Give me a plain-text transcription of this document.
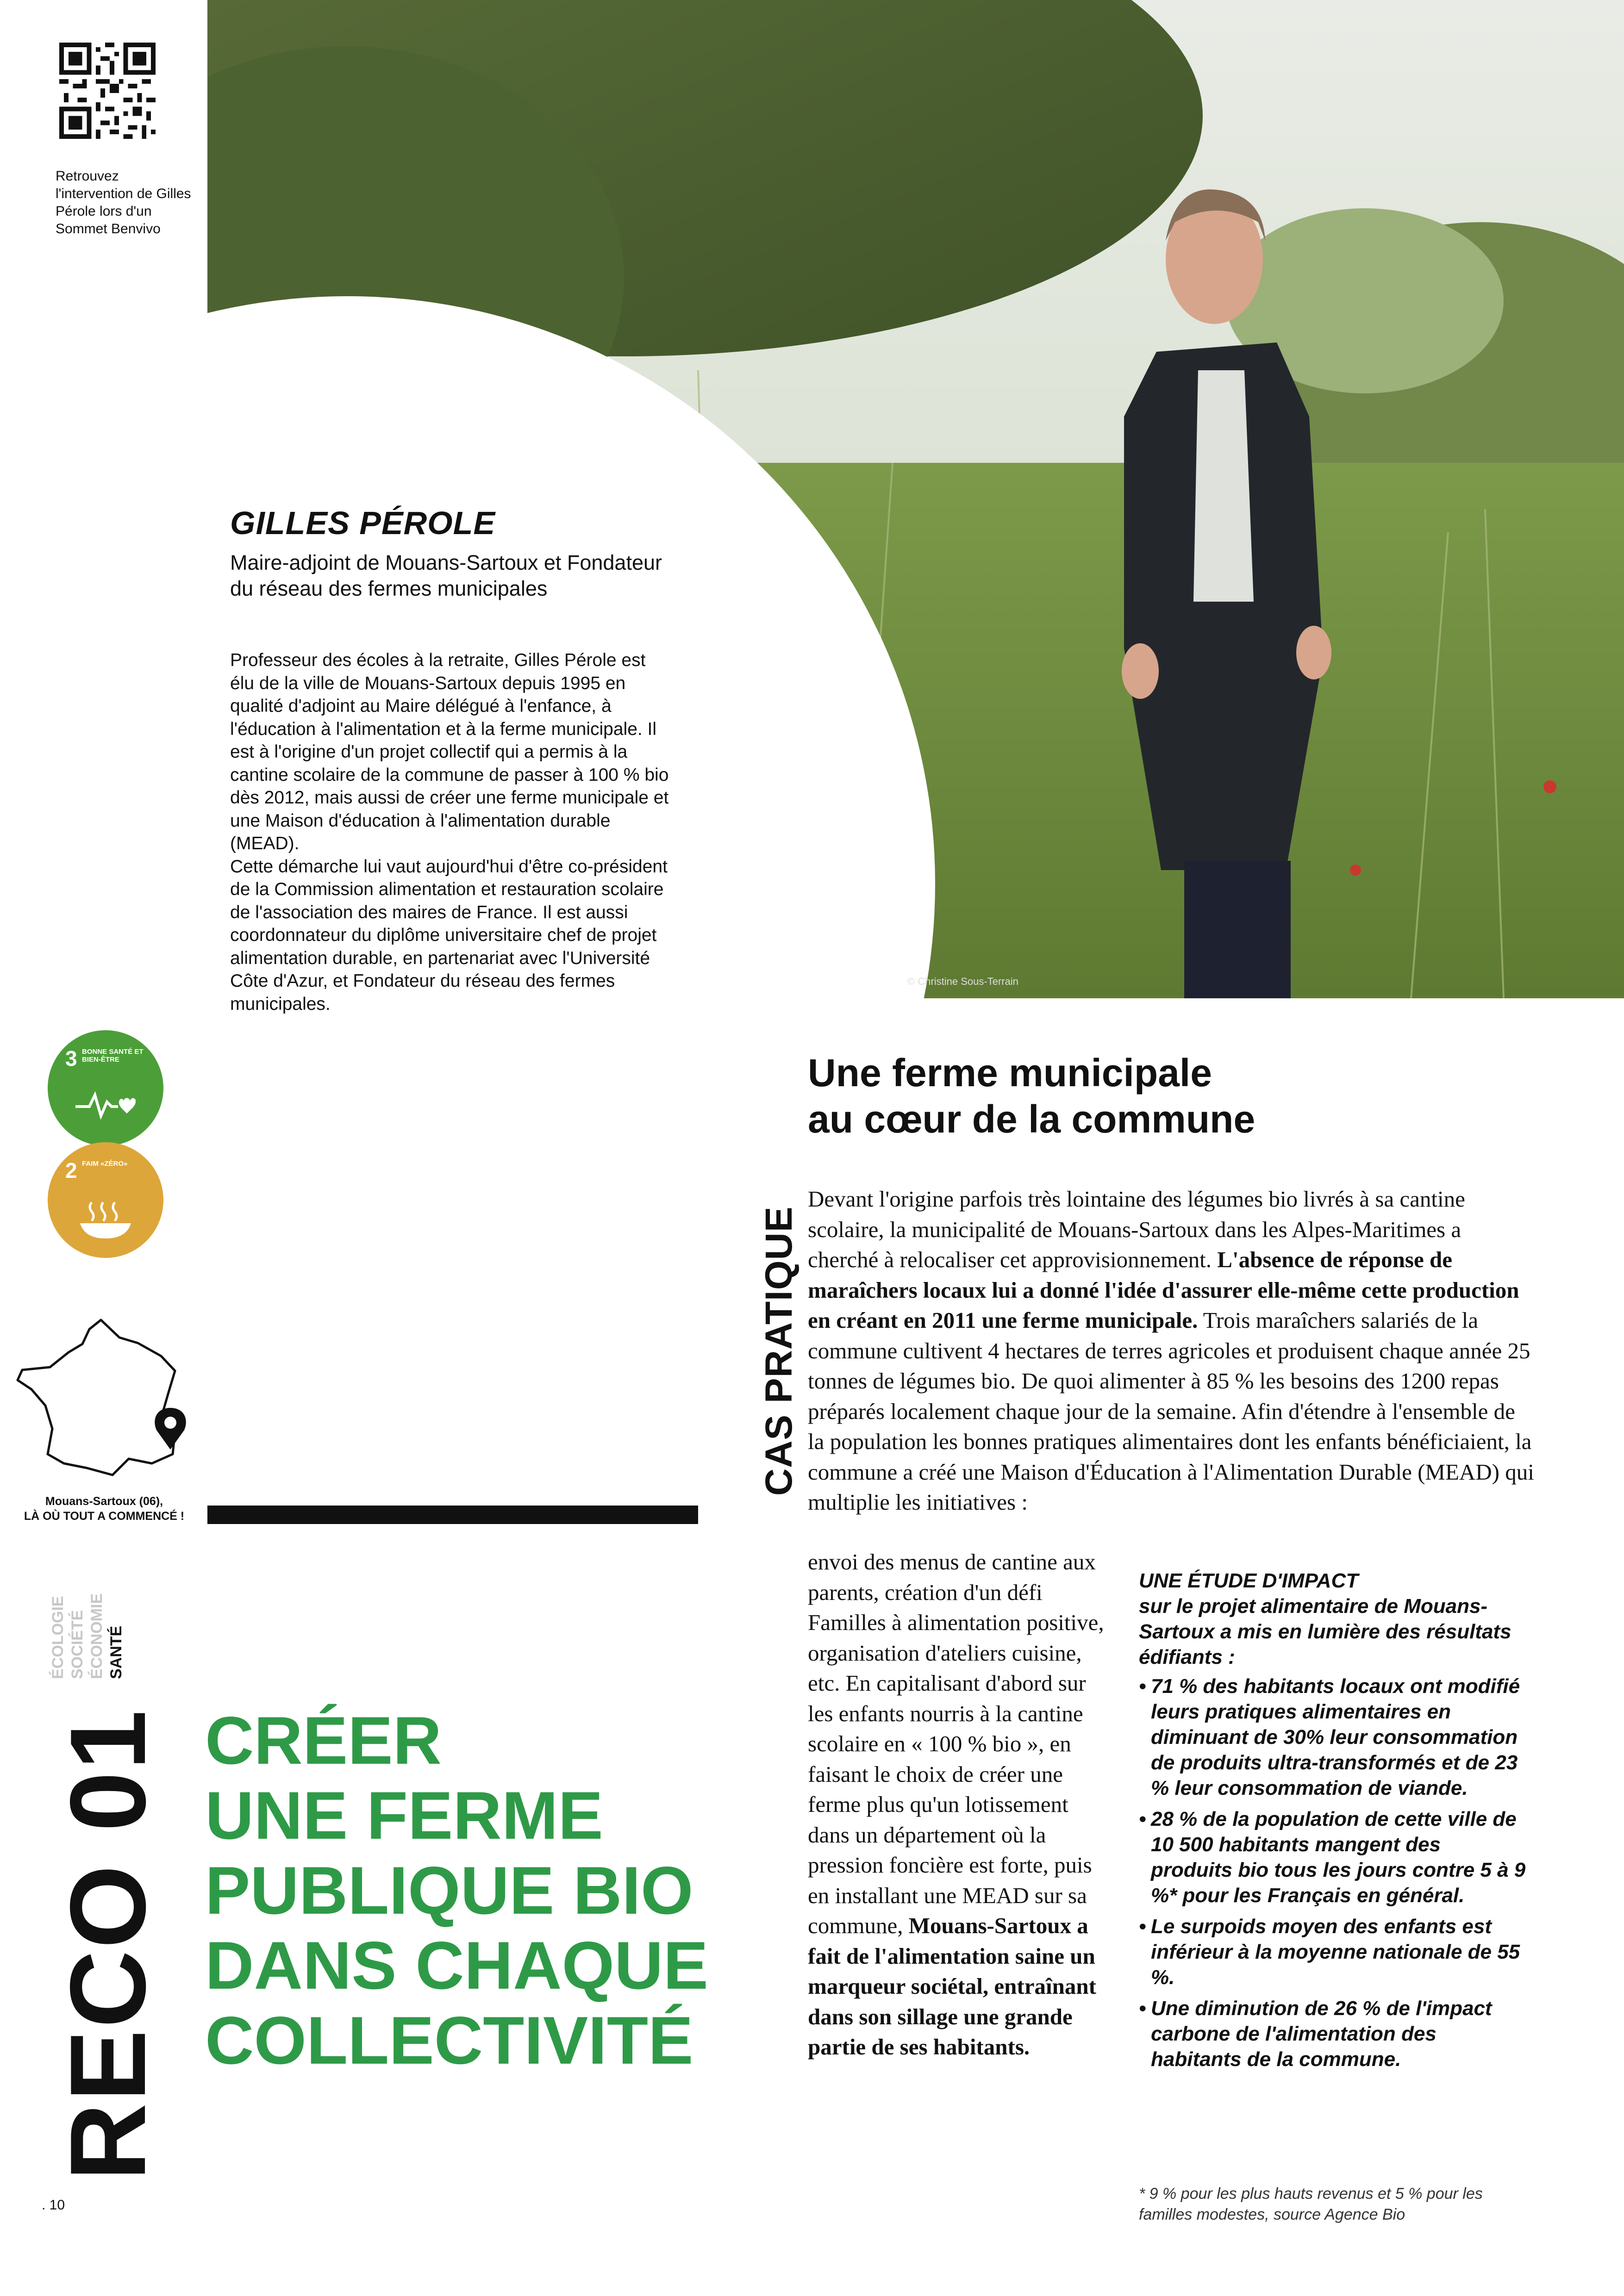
© Christine Sous-Terrain
Retrouvez l'intervention de Gilles Pérole lors d'un Sommet Benvivo
GILLES PÉROLE
Maire-adjoint de Mouans-Sartoux et Fondateur du réseau des fermes municipales

Professeur des écoles à la retraite, Gilles Pérole est élu de la ville de Mouans-Sartoux depuis 1995 en qualité d'adjoint au Maire délégué à l'enfance, à l'éducation à l'alimentation et à la ferme municipale. Il est à l'origine d'un projet collectif qui a permis à la cantine scolaire de la commune de passer à 100 % bio dès 2012, mais aussi de créer une ferme municipale et une Maison d'éducation à l'alimentation durable (MEAD).

Cette démarche lui vaut aujourd'hui d'être co-président de la Commission alimentation et restauration scolaire de l'association des maires de France. Il est aussi coordonnateur du diplôme universitaire chef de projet alimentation durable, en partenariat avec l'Université Côte d'Azur, et Fondateur du réseau des fermes municipales.

3 BONNE SANTÉ ET BIEN-ÊTRE
2 FAIM «ZÉRO»
Mouans-Sartoux (06),
LÀ OÙ TOUT A COMMENCÉ !
ÉCOLOGIE SOCIÉTÉ ÉCONOMIE SANTÉ
RECO 01
. 10
CRÉER
UNE FERME
PUBLIQUE BIO
DANS CHAQUE
COLLECTIVITÉ
CAS PRATIQUE
Une ferme municipale
au cœur de la commune
Devant l'origine parfois très lointaine des légumes bio livrés à sa cantine scolaire, la municipalité de Mouans-Sartoux dans les Alpes-Maritimes a cherché à relocaliser cet approvisionnement. L'absence de réponse de maraîchers locaux lui a donné l'idée d'assurer elle-même cette production en créant en 2011 une ferme municipale. Trois maraîchers salariés de la commune cultivent 4 hectares de terres agricoles et produisent chaque année 25 tonnes de légumes bio. De quoi alimenter à 85 % les besoins des 1200 repas préparés localement chaque jour de la semaine. Afin d'étendre à l'ensemble de la population les bonnes pratiques alimentaires dont les enfants bénéficiaient, la commune a créé une Maison d'Éducation à l'Alimentation Durable (MEAD) qui multiplie les initiatives :
envoi des menus de cantine aux parents, création d'un défi Familles à alimentation positive, organisation d'ateliers cuisine, etc. En capitalisant d'abord sur les enfants nourris à la cantine scolaire en « 100 % bio », en faisant le choix de créer une ferme plus qu'un lotissement dans un département où la pression foncière est forte, puis en installant une MEAD sur sa commune, Mouans-Sartoux a fait de l'alimentation saine un marqueur sociétal, entraînant dans son sillage une grande partie de ses habitants.
UNE ÉTUDE D'IMPACT
sur le projet alimentaire de Mouans-Sartoux a mis en lumière des résultats édifiants :
• 71 % des habitants locaux ont modifié leurs pratiques alimentaires en diminuant de 30% leur consommation de produits ultra-transformés et de 23 % leur consommation de viande.
• 28 % de la population de cette ville de 10 500 habitants mangent des produits bio tous les jours contre 5 à 9 %* pour les Français en général.
• Le surpoids moyen des enfants est inférieur à la moyenne nationale de 55 %.
• Une diminution de 26 % de l'impact carbone de l'alimentation des habitants de la commune.
* 9 % pour les plus hauts revenus et 5 % pour les familles modestes, source Agence Bio
